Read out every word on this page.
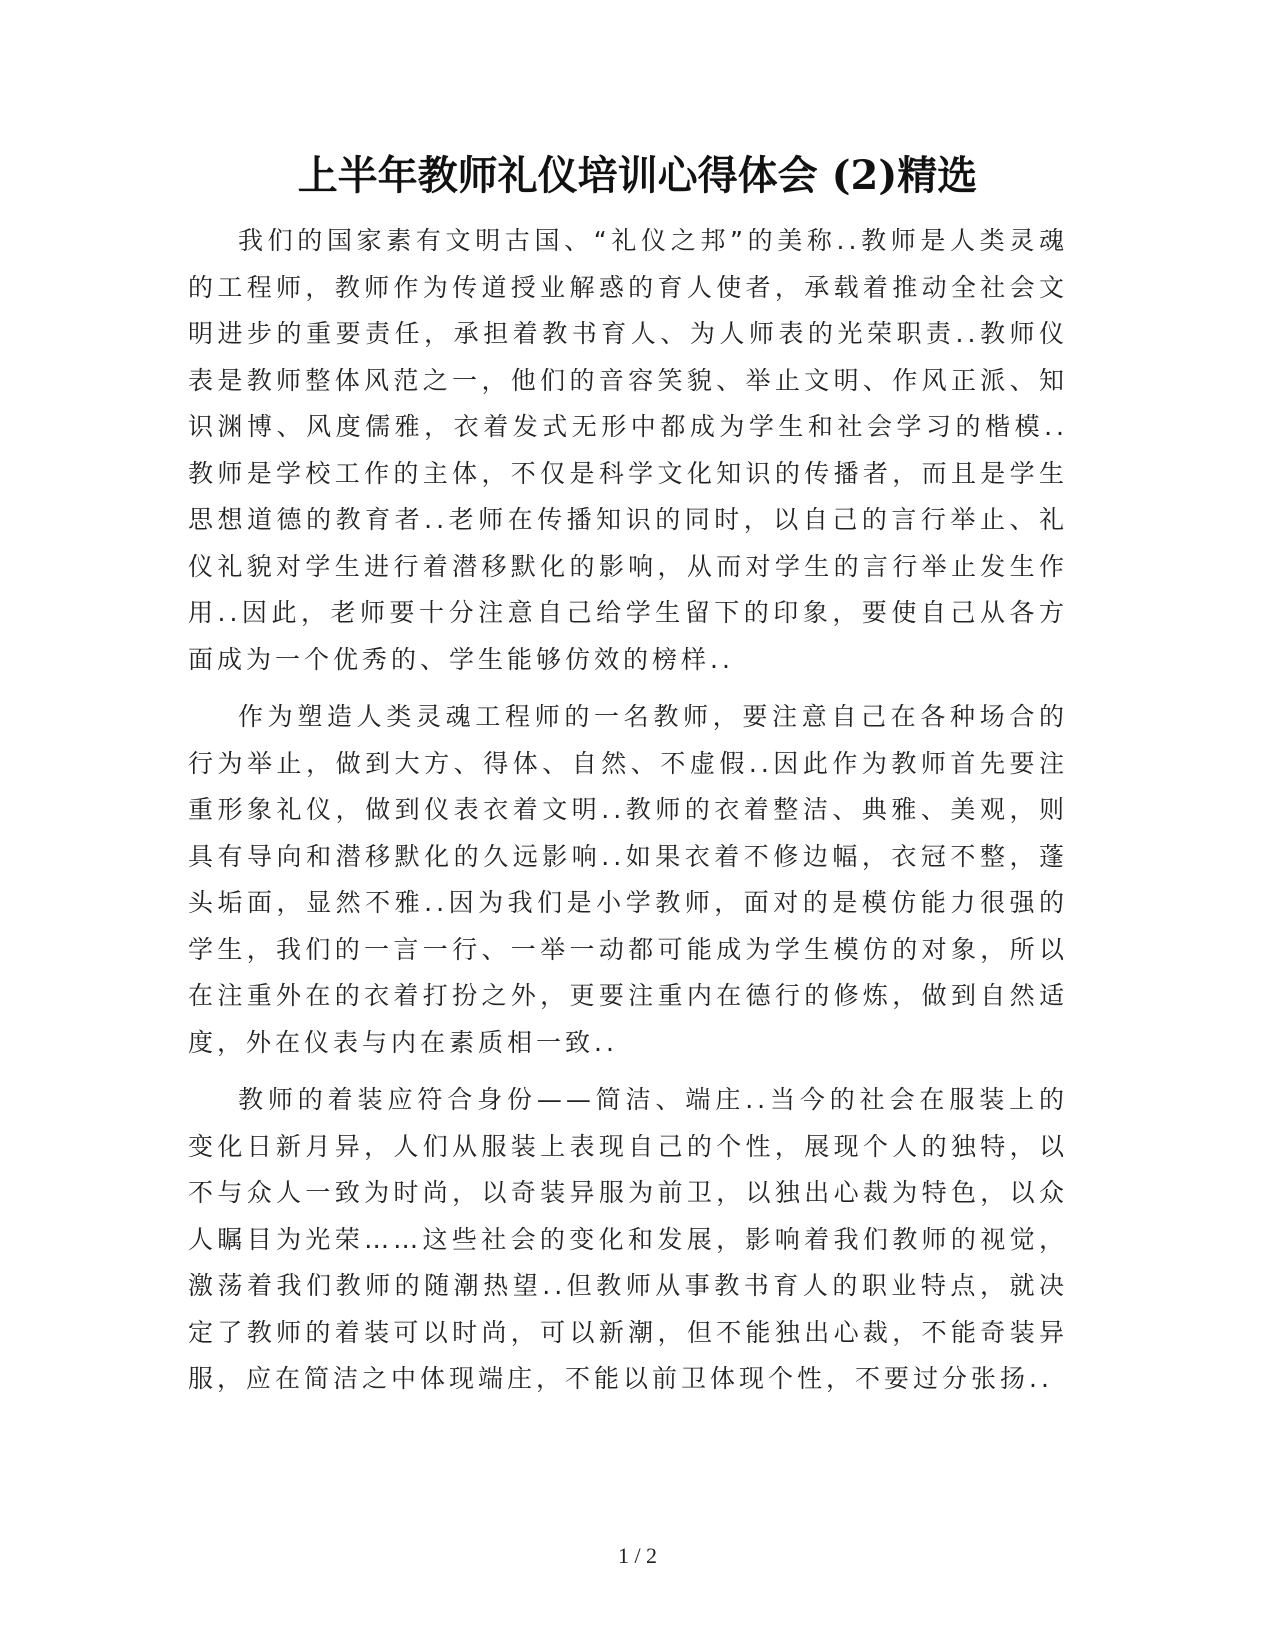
上半年教师礼仪培训心得体会 (2)精选

我们的国家素有文明古国、“礼仪之邦”的美称..教师是人类灵魂的工程师，教师作为传道授业解惑的育人使者，承载着推动全社会文明进步的重要责任，承担着教书育人、为人师表的光荣职责..教师仪表是教师整体风范之一，他们的音容笑貌、举止文明、作风正派、知识渊博、风度儒雅，衣着发式无形中都成为学生和社会学习的楷模..教师是学校工作的主体，不仅是科学文化知识的传播者，而且是学生思想道德的教育者..老师在传播知识的同时，以自己的言行举止、礼仪礼貌对学生进行着潜移默化的影响，从而对学生的言行举止发生作用..因此，老师要十分注意自己给学生留下的印象，要使自己从各方面成为一个优秀的、学生能够仿效的榜样..

作为塑造人类灵魂工程师的一名教师，要注意自己在各种场合的行为举止，做到大方、得体、自然、不虚假..因此作为教师首先要注重形象礼仪，做到仪表衣着文明..教师的衣着整洁、典雅、美观，则具有导向和潜移默化的久远影响..如果衣着不修边幅，衣冠不整，蓬头垢面，显然不雅..因为我们是小学教师，面对的是模仿能力很强的学生，我们的一言一行、一举一动都可能成为学生模仿的对象，所以在注重外在的衣着打扮之外，更要注重内在德行的修炼，做到自然适度，外在仪表与内在素质相一致..

教师的着装应符合身份——简洁、端庄..当今的社会在服装上的变化日新月异，人们从服装上表现自己的个性，展现个人的独特，以不与众人一致为时尚，以奇装异服为前卫，以独出心裁为特色，以众人瞩目为光荣……这些社会的变化和发展，影响着我们教师的视觉，激荡着我们教师的随潮热望..但教师从事教书育人的职业特点，就决定了教师的着装可以时尚，可以新潮，但不能独出心裁，不能奇装异服，应在简洁之中体现端庄，不能以前卫体现个性，不要过分张扬..

1 / 2
